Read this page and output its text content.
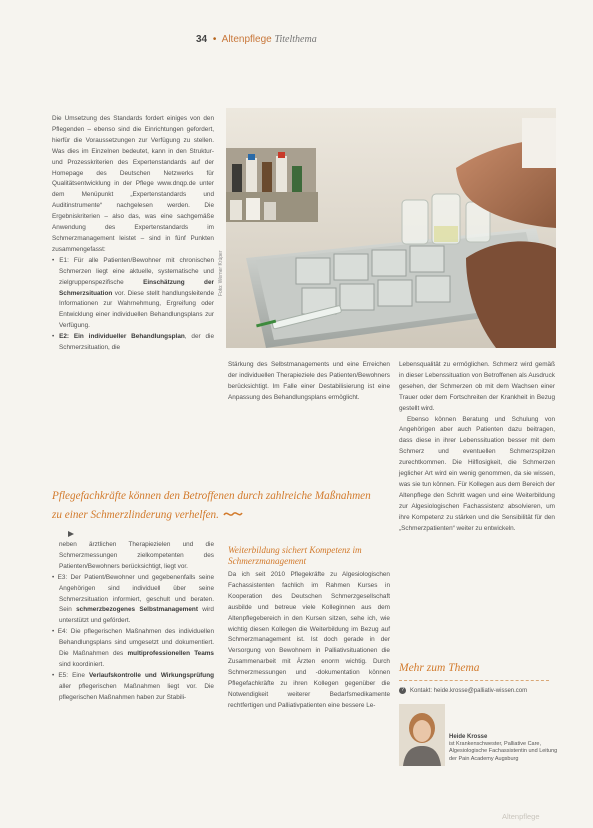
34 • Altenpflege Titelthema
Foto: Werner Krüper

Die Umsetzung des Standards fordert einiges von den Pflegenden – ebenso sind die Einrichtungen gefordert, hierfür die Voraussetzungen zur Verfügung zu stellen. Was dies im Einzelnen bedeutet, kann in den Struktur- und Prozesskriterien des Expertenstandards auf der Homepage des Deutschen Netzwerks für Qualitätsentwicklung in der Pflege www.dnqp.de unter dem Menüpunkt „Expertenstandards und Auditinstrumente“ nachgelesen werden. Die Ergebniskriterien – also das, was eine sachgemäße Anwendung des Expertenstandards im Schmerzmanagement leistet – sind in fünf Punkten zusammengefasst:

• E1: Für alle Patienten/Bewohner mit chronischen Schmerzen liegt eine aktuelle, systematische und zielgruppenspezifische Einschätzung der Schmerzsituation vor. Diese stellt handlungsleitende Informationen zur Wahrnehmung, Ergreifung oder Entwicklung einer individuellen Behandlungsplans zur Verfügung.

• E2: Ein individueller Behandlungsplan, der die Schmerzsituation, die

Stärkung des Selbstmanagements und eine Erreichen der individuellen Therapieziele des Patienten/Bewohners berücksichtigt. Im Falle einer Destabilisierung ist eine Anpassung des Behandlungsplans ermöglicht.

Lebensqualität zu ermöglichen. Schmerz wird gemäß in dieser Lebenssituation von Betroffenen als Ausdruck gesehen, der Schmerzen ob mit dem Wachsen einer Trauer oder dem Fortschreiten der Krankheit in Bezug gestellt wird.

Ebenso können Beratung und Schulung von Angehörigen aber auch Patienten dazu beitragen, dass diese in ihrer Lebenssituation besser mit dem Schmerz und eventuellen Schmerzspitzen zurechtkommen. Die Hilflosigkeit, die Schmerzen jeglicher Art wird ein wenig genommen, da sie wissen, was sie tun können. Für Kollegen aus dem Bereich der Altenpflege den Schritt wagen und eine Weiterbildung zur Algesiologischen Fachassistenz absolvieren, um ihre Kompetenz zu stärken und die Sensibilität für den „Schmerzpatienten“ weiter zu entwickeln.

Pflegefachkräfte können den Betroffenen durch zahlreiche Maßnahmen zu einer Schmerzlinderung verhelfen.

neben ärztlichen Therapiezielen und die Schmerzmessungen zielkompetenten des Patienten/Bewohners berücksichtigt, liegt vor.

• E3: Der Patient/Bewohner und gegebenenfalls seine Angehörigen sind individuell über seine Schmerzsituation informiert, geschult und beraten. Sein schmerzbezogenes Selbstmanagement wird unterstützt und gefördert.

• E4: Die pflegerischen Maßnahmen des individuellen Behandlungsplans sind umgesetzt und dokumentiert. Die Maßnahmen des multiprofessionellen Teams sind koordiniert.

• E5: Eine Verlaufskontrolle und Wirkungsprüfung aller pflegerischen Maßnahmen liegt vor. Die pflegerischen Maßnahmen haben zur Stabili-

Weiterbildung sichert Kompetenz im Schmerzmanagement

Da ich seit 2010 Pflegekräfte zu Algesiologischen Fachassistenten fachlich im Rahmen Kurses in Kooperation des Deutschen Schmerzgesellschaft ausbilde und betreue viele Kolleginnen aus dem Altenpflegebereich in den Kursen sitzen, sehe ich, wie wichtig diesen Kollegen die Weiterbildung im Bezug auf Schmerzmanagement ist. Ist doch gerade in der Versorgung von Bewohnern in Palliativsituationen die Zusammenarbeit mit Ärzten enorm wichtig. Durch Schmerzmessungen und -dokumentation können Pflegefachkräfte zu ihren Kollegen gegenüber die Notwendigkeit weiterer Bedarfsmedikamente rechtfertigen und Palliativpatienten eine bessere Le-

Mehr zum Thema
? Kontakt: heide.krosse@palliativ-wissen.com
Heide Krosse
ist Krankenschwester, Palliative Care, Algesiologische Fachassistentin und Leitung der Pain Academy Augsburg
Altenpflege
